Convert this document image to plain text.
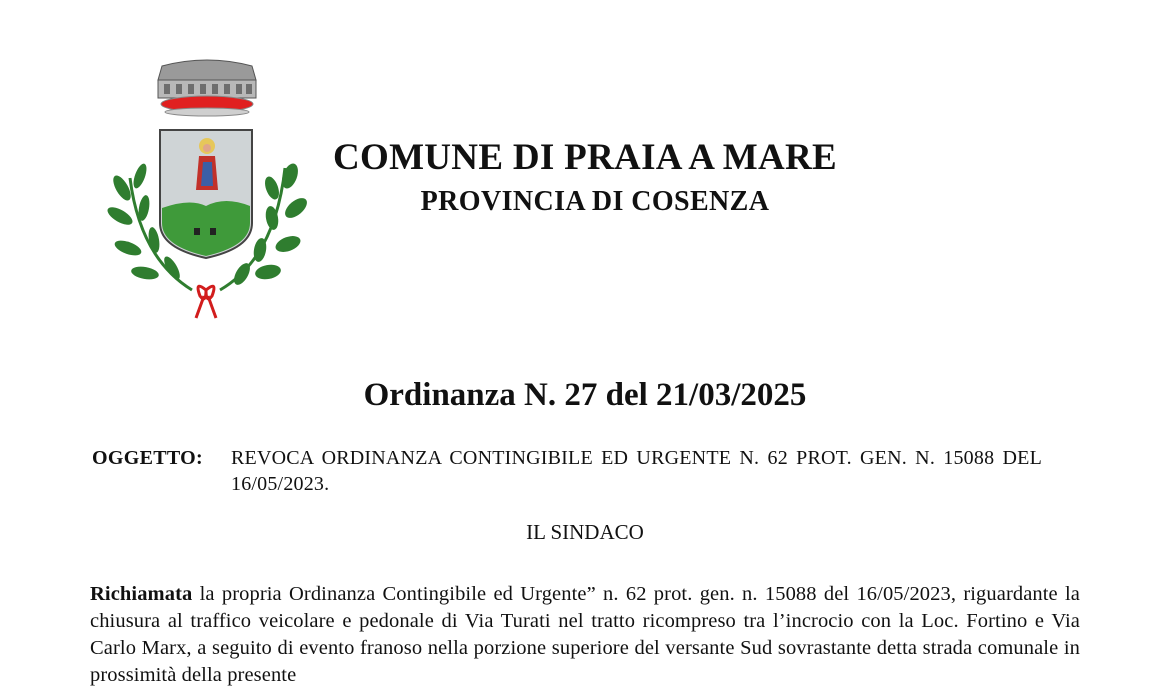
COMUNE DI PRAIA A MARE
PROVINCIA DI COSENZA
Ordinanza N. 27 del 21/03/2025
OGGETTO:	REVOCA ORDINANZA CONTINGIBILE ED URGENTE N. 62 PROT. GEN. N. 15088 DEL 16/05/2023.
IL SINDACO
Richiamata la propria Ordinanza Contingibile ed Urgente” n. 62 prot. gen. n. 15088 del 16/05/2023, riguardante la chiusura al traffico veicolare e pedonale di Via Turati nel tratto ricompreso tra l’incrocio con la Loc. Fortino e Via Carlo Marx, a seguito di evento franoso nella porzione superiore del versante Sud sovrastante detta strada comunale in prossimità della presente
